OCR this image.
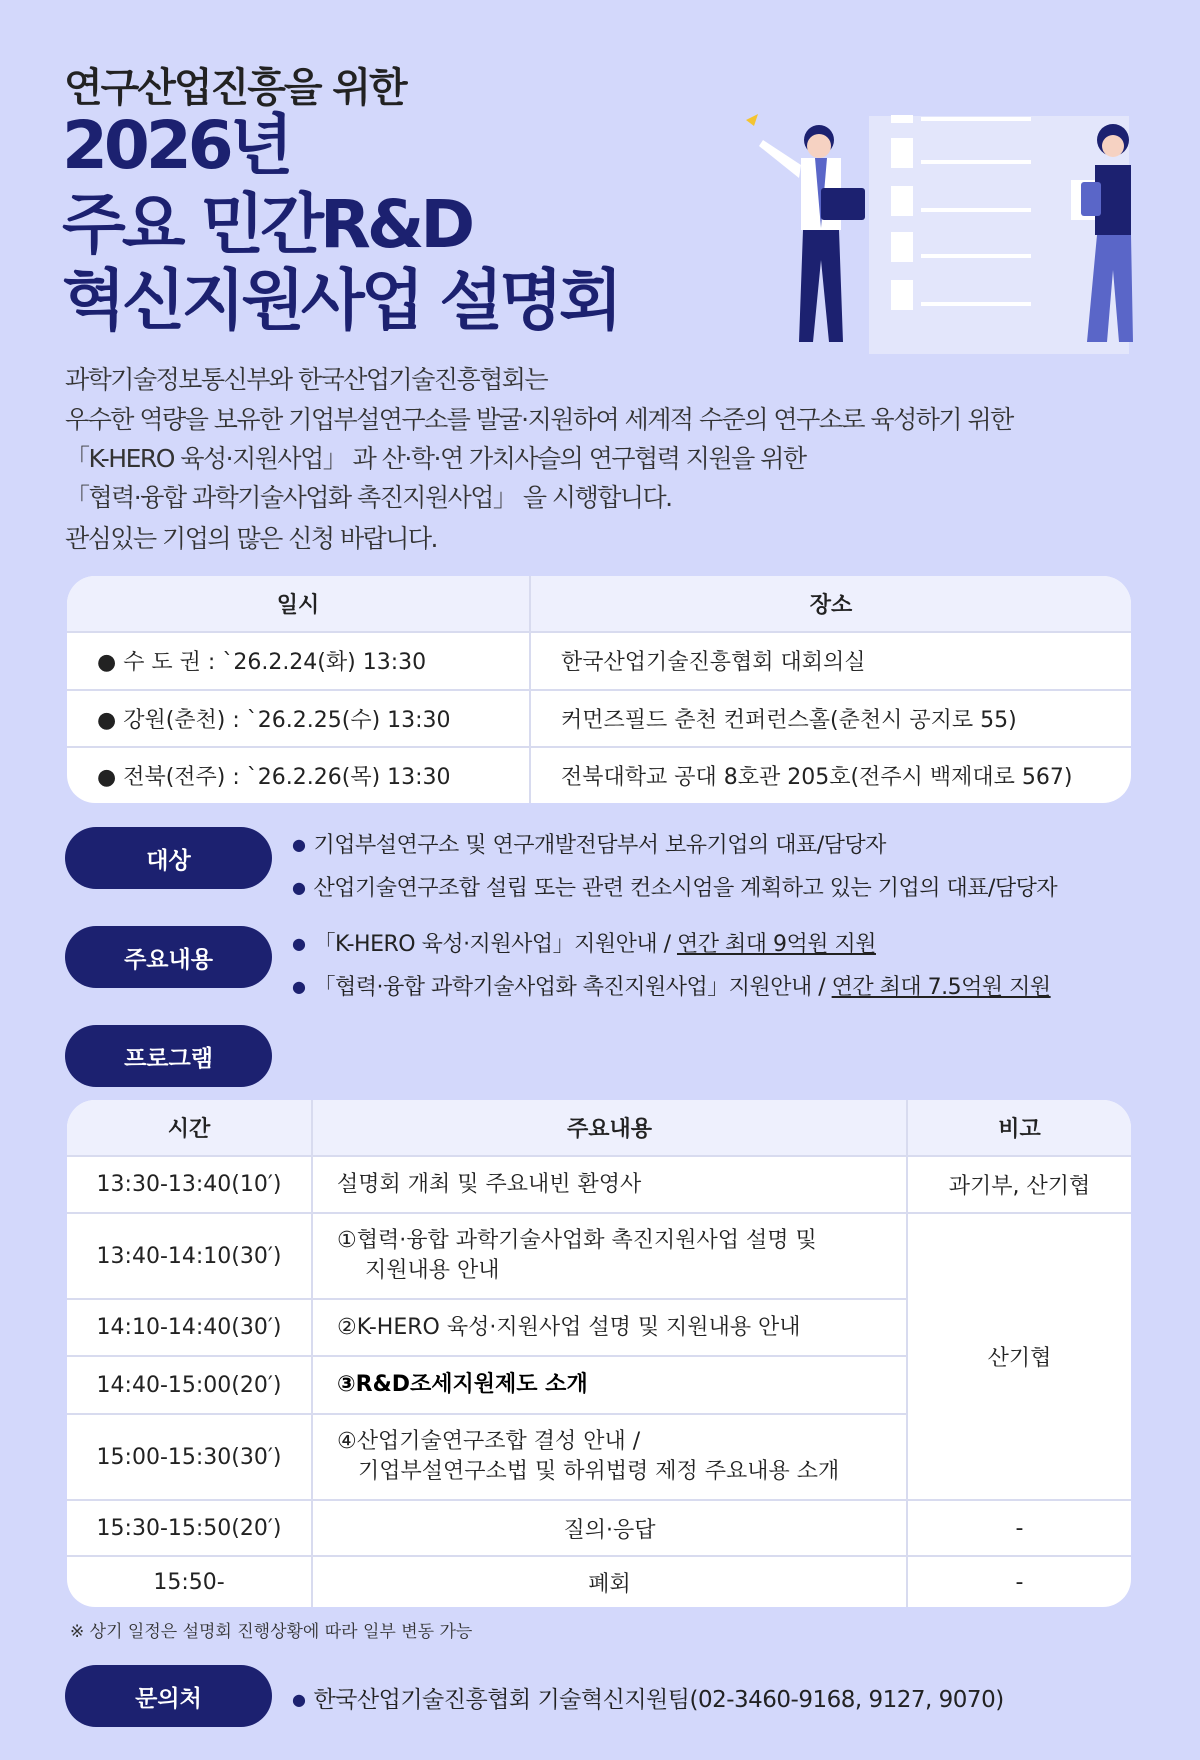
연구산업진흥을 위한
2026년
주요 민간R&D
혁신지원사업 설명회
과학기술정보통신부와 한국산업기술진흥협회는
우수한 역량을 보유한 기업부설연구소를 발굴·지원하여 세계적 수준의 연구소로 육성하기 위한
「K-HERO 육성·지원사업」 과 산·학·연 가치사슬의 연구협력 지원을 위한
「협력·융합 과학기술사업화 촉진지원사업」 을 시행합니다.
관심있는 기업의 많은 신청 바랍니다.
일시	장소
● 수 도 권 : `26.2.24(화) 13:30	한국산업기술진흥협회 대회의실
● 강원(춘천) : `26.2.25(수) 13:30	커먼즈필드 춘천 컨퍼런스홀(춘천시 공지로 55)
● 전북(전주) : `26.2.26(목) 13:30	전북대학교 공대 8호관 205호(전주시 백제대로 567)
대상
● 기업부설연구소 및 연구개발전담부서 보유기업의 대표/담당자
● 산업기술연구조합 설립 또는 관련 컨소시엄을 계획하고 있는 기업의 대표/담당자
주요내용
● 「K-HERO 육성·지원사업」지원안내 / 연간 최대 9억원 지원
● 「협력·융합 과학기술사업화 촉진지원사업」지원안내 / 연간 최대 7.5억원 지원
프로그램
시간	주요내용	비고
13:30-13:40(10′)	설명회 개최 및 주요내빈 환영사	과기부, 산기협
13:40-14:10(30′)	①협력·융합 과학기술사업화 촉진지원사업 설명 및
지원내용 안내	산기협
14:10-14:40(30′)	②K-HERO 육성·지원사업 설명 및 지원내용 안내	
14:40-15:00(20′)	③R&D조세지원제도 소개	
15:00-15:30(30′)	④산업기술연구조합 결성 안내 /
기업부설연구소법 및 하위법령 제정 주요내용 소개	
15:30-15:50(20′)	질의·응답	-
15:50-	폐회	-
※ 상기 일정은 설명회 진행상황에 따라 일부 변동 가능
문의처	● 한국산업기술진흥협회 기술혁신지원팀(02-3460-9168, 9127, 9070)
